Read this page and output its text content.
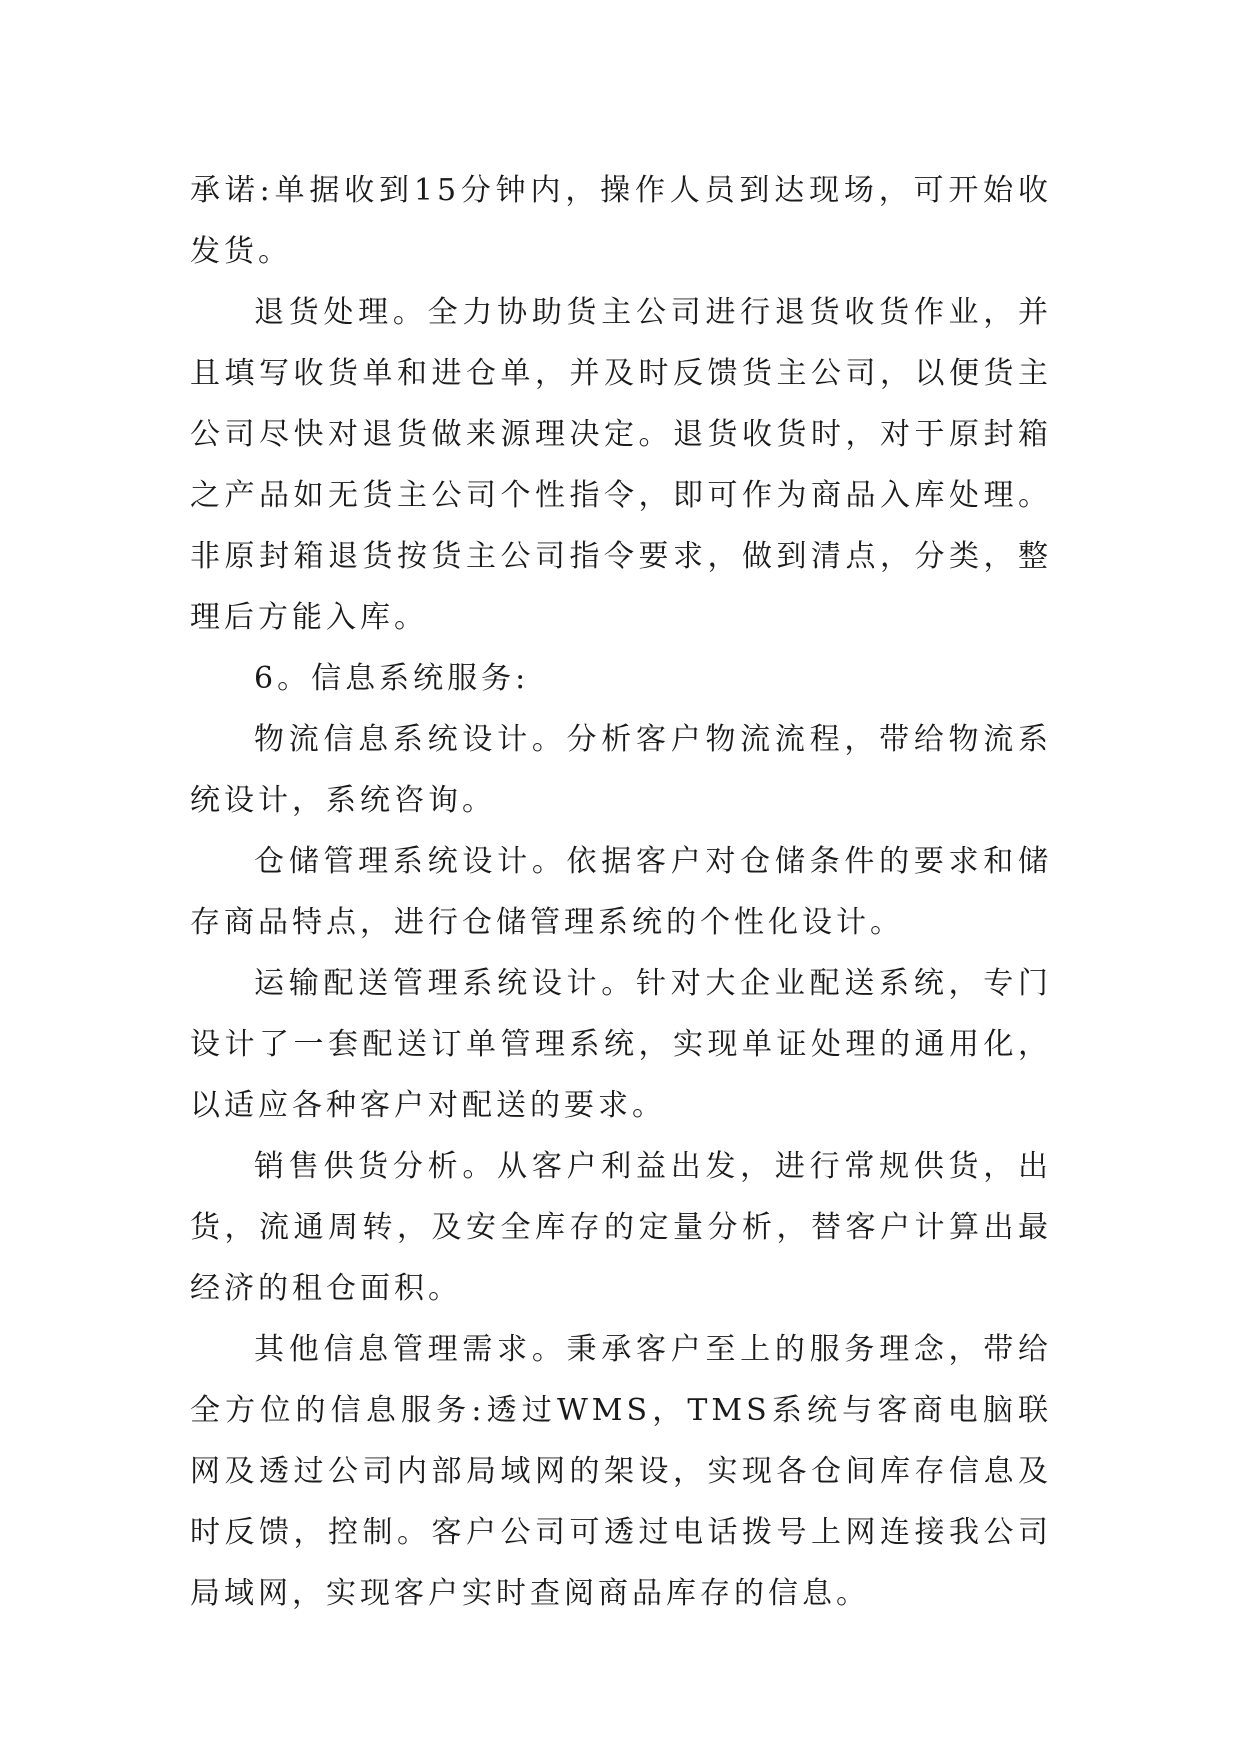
承诺:单据收到15分钟内，操作人员到达现场，可开始收发货。

退货处理。全力协助货主公司进行退货收货作业，并且填写收货单和进仓单，并及时反馈货主公司，以便货主公司尽快对退货做来源理决定。退货收货时，对于原封箱之产品如无货主公司个性指令，即可作为商品入库处理。非原封箱退货按货主公司指令要求，做到清点，分类，整理后方能入库。

6。信息系统服务:

物流信息系统设计。分析客户物流流程，带给物流系统设计，系统咨询。

仓储管理系统设计。依据客户对仓储条件的要求和储存商品特点，进行仓储管理系统的个性化设计。

运输配送管理系统设计。针对大企业配送系统，专门设计了一套配送订单管理系统，实现单证处理的通用化，以适应各种客户对配送的要求。

销售供货分析。从客户利益出发，进行常规供货，出货，流通周转，及安全库存的定量分析，替客户计算出最经济的租仓面积。

其他信息管理需求。秉承客户至上的服务理念，带给全方位的信息服务:透过WMS，TMS系统与客商电脑联网及透过公司内部局域网的架设，实现各仓间库存信息及时反馈，控制。客户公司可透过电话拨号上网连接我公司局域网，实现客户实时查阅商品库存的信息。
